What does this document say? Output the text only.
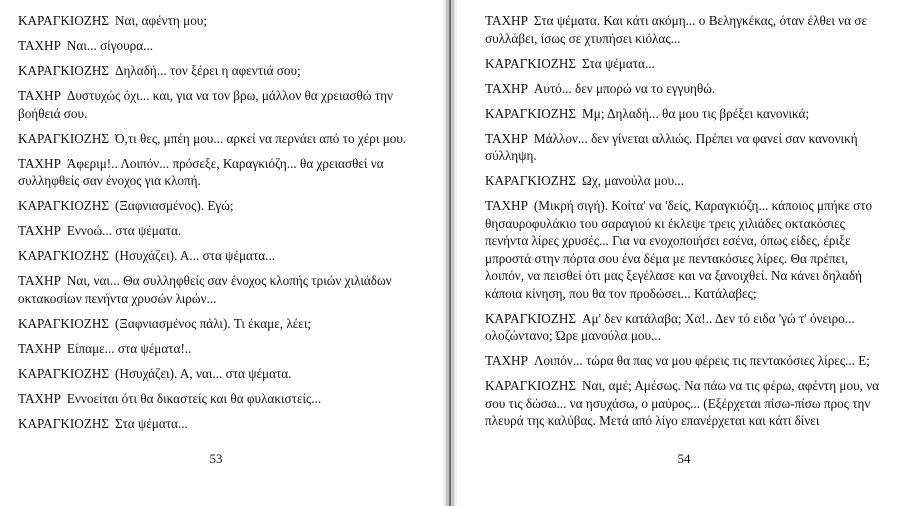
ΚΑΡΑΓΚΙΟΖΗΣ Ναι, αφέντη μου;

ΤΑΧΗΡ Ναι... σίγουρα...

ΚΑΡΑΓΚΙΟΖΗΣ Δηλαδή... τον ξέρει η αφεντιά σου;

ΤΑΧΗΡ Δυστυχώς όχι... και, για να τον βρω, μάλλον θα χρειασθώ την βοήθειά σου.

ΚΑΡΑΓΚΙΟΖΗΣ Ό,τι θες, μπέη μου... αρκεί να περνάει από το χέρι μου.

ΤΑΧΗΡ Άφεριμ!.. Λοιπόν... πρόσεξε, Καραγκιόζη... θα χρειασθεί να συλληφθείς σαν ένοχος για κλοπή.

ΚΑΡΑΓΚΙΟΖΗΣ (Ξαφνιασμένος). Εγώ;

ΤΑΧΗΡ Εννοώ... στα ψέματα.

ΚΑΡΑΓΚΙΟΖΗΣ (Ησυχάζει). Α... στα ψέματα...

ΤΑΧΗΡ Ναι, ναι... Θα συλληφθείς σαν ένοχος κλοπής τριών χιλιάδων οκτακοσίων πενήντα χρυσών λιρών...

ΚΑΡΑΓΚΙΟΖΗΣ (Ξαφνιασμένος πάλι). Τι έκαμε, λέει;

ΤΑΧΗΡ Είπαμε... στα ψέματα!..

ΚΑΡΑΓΚΙΟΖΗΣ (Ησυχάζει). Α, ναι... στα ψέματα.

ΤΑΧΗΡ Εννοείται ότι θα δικαστείς και θα φυλακιστείς...

ΚΑΡΑΓΚΙΟΖΗΣ Στα ψέματα...

53

ΤΑΧΗΡ Στα ψέματα. Και κάτι ακόμη... ο Βεληγκέκας, όταν έλθει να σε συλλάβει, ίσως σε χτυπήσει κιόλας...

ΚΑΡΑΓΚΙΟΖΗΣ Στα ψέματα...

ΤΑΧΗΡ Αυτό... δεν μπορώ να το εγγυηθώ.

ΚΑΡΑΓΚΙΟΖΗΣ Μμ; Δηλαδή... θα μου τις βρέξει κανονικά;

ΤΑΧΗΡ Μάλλον... δεν γίνεται αλλιώς. Πρέπει να φανεί σαν κανονική σύλληψη.

ΚΑΡΑΓΚΙΟΖΗΣ Ωχ, μανούλα μου...

ΤΑΧΗΡ (Μικρή σιγή). Κοίτα' να 'δείς, Καραγκιόζη... κάποιος μπήκε στο θησαυροφυλάκιο του σαραγιού κι έκλεψε τρεις χιλιάδες οκτακόσιες πενήντα λίρες χρυσές... Για να ενοχοποιήσει εσένα, όπως είδες, έριξε μπροστά στην πόρτα σου ένα δέμα με πεντακόσιες λίρες. Θα πρέπει, λοιπόν, να πεισθεί ότι μας ξεγέλασε και να ξανοιχθεί. Να κάνει δηλαδή κάποια κίνηση, που θα τον προδώσει... Κατάλαβες;

ΚΑΡΑΓΚΙΟΖΗΣ Αμ' δεν κατάλαβα; Χα!.. Δεν τό ειδα 'γώ τ' όνειρο... ολοζώντανο; Ώρε μανούλα μου...

ΤΑΧΗΡ Λοιπόν... τώρα θα πας να μου φέρεις τις πεντακόσιες λίρες... Ε;

ΚΑΡΑΓΚΙΟΖΗΣ Ναι, αμέ; Αμέσως. Να πάω να τις φέρω, αφέντη μου, να σου τις δώσω... να ησυχάσω, ο μαύρος... (Εξέρχεται πίσω-πίσω προς την πλευρά της καλύβας. Μετά από λίγο επανέρχεται και κάτι δίνει

54
